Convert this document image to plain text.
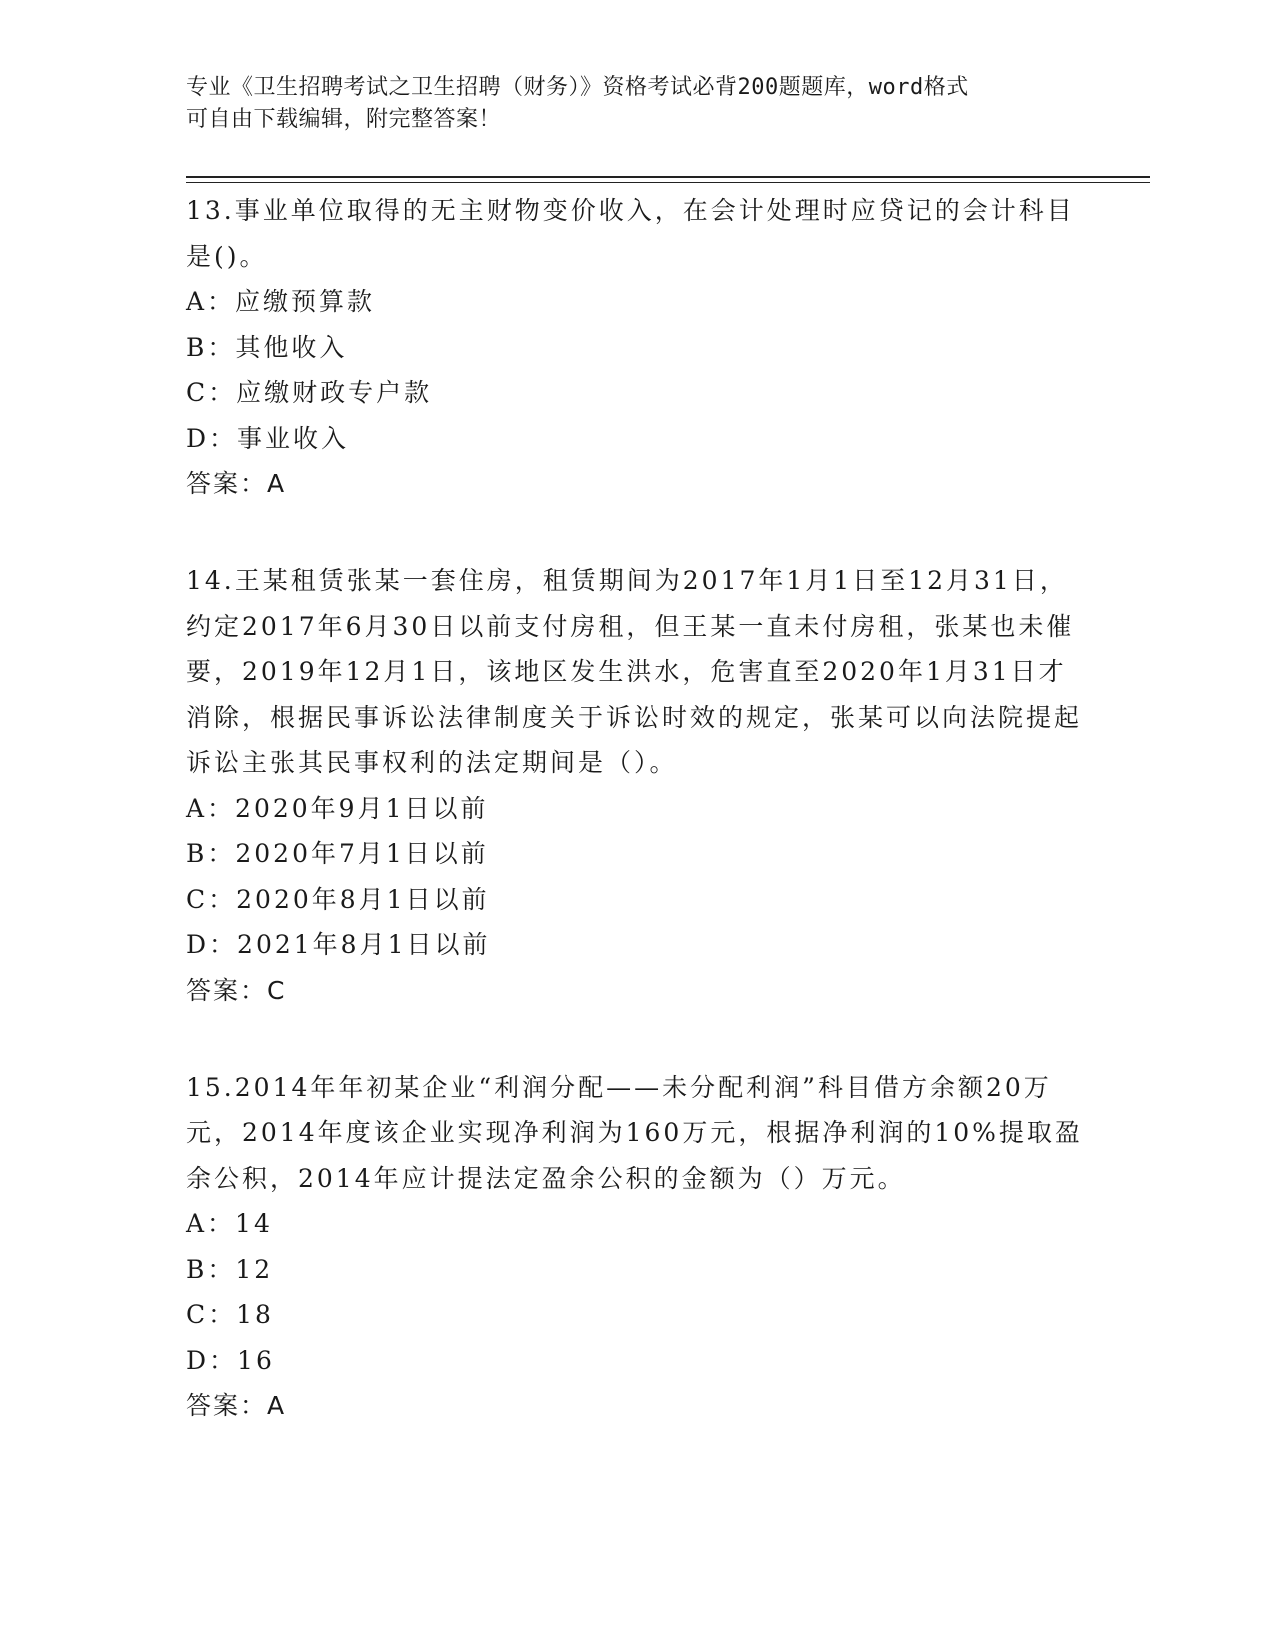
专业《卫生招聘考试之卫生招聘（财务）》资格考试必背200题题库，word格式
可自由下载编辑，附完整答案！

13.事业单位取得的无主财物变价收入，在会计处理时应贷记的会计科目是()。

A：应缴预算款
B：其他收入
C：应缴财政专户款
D：事业收入

答案：A

14.王某租赁张某一套住房，租赁期间为2017年1月1日至12月31日，约定2017年6月30日以前支付房租，但王某一直未付房租，张某也未催要，2019年12月1日，该地区发生洪水，危害直至2020年1月31日才消除，根据民事诉讼法律制度关于诉讼时效的规定，张某可以向法院提起诉讼主张其民事权利的法定期间是（）。

A：2020年9月1日以前
B：2020年7月1日以前
C：2020年8月1日以前
D：2021年8月1日以前

答案：C

15.2014年年初某企业“利润分配——未分配利润”科目借方余额20万元，2014年度该企业实现净利润为160万元，根据净利润的10%提取盈余公积，2014年应计提法定盈余公积的金额为（）万元。

A：14
B：12
C：18
D：16

答案：A
